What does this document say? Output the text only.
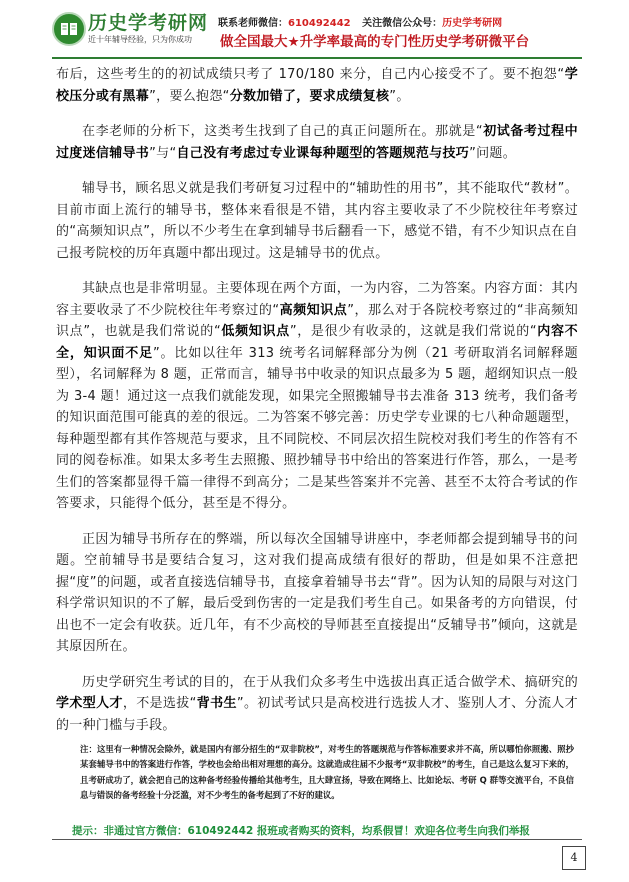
历史学考研网
近十年辅导经验，只为你成功
联系老师微信：610492442 关注微信公众号：历史学考研网
做全国最大★升学率最高的专门性历史学考研微平台

布后，这些考生的的初试成绩只考了 170/180 来分，自己内心接受不了。要不抱怨“学校压分或有黑幕”，要么抱怨“分数加错了，要求成绩复核”。

在李老师的分析下，这类考生找到了自己的真正问题所在。那就是“初试备考过程中过度迷信辅导书”与“自己没有考虑过专业课每种题型的答题规范与技巧”问题。

辅导书，顾名思义就是我们考研复习过程中的“辅助性的用书”，其不能取代“教材”。目前市面上流行的辅导书，整体来看很是不错，其内容主要收录了不少院校往年考察过的“高频知识点”，所以不少考生在拿到辅导书后翻看一下，感觉不错，有不少知识点在自己报考院校的历年真题中都出现过。这是辅导书的优点。

其缺点也是非常明显。主要体现在两个方面，一为内容，二为答案。内容方面：其内容主要收录了不少院校往年考察过的“高频知识点”，那么对于各院校考察过的“非高频知识点”，也就是我们常说的“低频知识点”，是很少有收录的，这就是我们常说的“内容不全，知识面不足”。比如以往年 313 统考名词解释部分为例（21 考研取消名词解释题型），名词解释为 8 题，正常而言，辅导书中收录的知识点最多为 5 题，超纲知识点一般为 3-4 题！通过这一点我们就能发现，如果完全照搬辅导书去准备 313 统考，我们备考的知识面范围可能真的差的很远。二为答案不够完善：历史学专业课的七八种命题题型，每种题型都有其作答规范与要求，且不同院校、不同层次招生院校对我们考生的作答有不同的阅卷标准。如果太多考生去照搬、照抄辅导书中给出的答案进行作答，那么，一是考生们的答案都显得千篇一律得不到高分；二是某些答案并不完善、甚至不太符合考试的作答要求，只能得个低分，甚至是不得分。

正因为辅导书所存在的弊端，所以每次全国辅导讲座中，李老师都会提到辅导书的问题。空前辅导书是要结合复习，这对我们提高成绩有很好的帮助，但是如果不注意把握“度”的问题，或者直接选信辅导书，直接拿着辅导书去“背”。因为认知的局限与对这门科学常识知识的不了解，最后受到伤害的一定是我们考生自己。如果备考的方向错误，付出也不一定会有收获。近几年，有不少高校的导师甚至直接提出“反辅导书”倾向，这就是其原因所在。

历史学研究生考试的目的，在于从我们众多考生中选拔出真正适合做学术、搞研究的学术型人才，不是选拔“背书生”。初试考试只是高校进行选拔人才、鉴别人才、分流人才的一种门槛与手段。

注：这里有一种情况会除外，就是国内有部分招生的“双非院校”，对考生的答题规范与作答标准要求并不高，所以哪怕你照搬、照抄某套辅导书中的答案进行作答，学校也会给出相对理想的高分。这就造成往届不少报考“双非院校”的考生，自己是这么复习下来的，且考研成功了，就会把自己的这种备考经验传播给其他考生，且大肆宣扬，导致在网络上、比如论坛、考研 Q 群等交流平台，不良信息与错误的备考经验十分泛滥，对不少考生的备考起到了不好的建议。
提示：非通过官方微信：610492442 报班或者购买的资料，均系假冒！欢迎各位考生向我们举报
4
